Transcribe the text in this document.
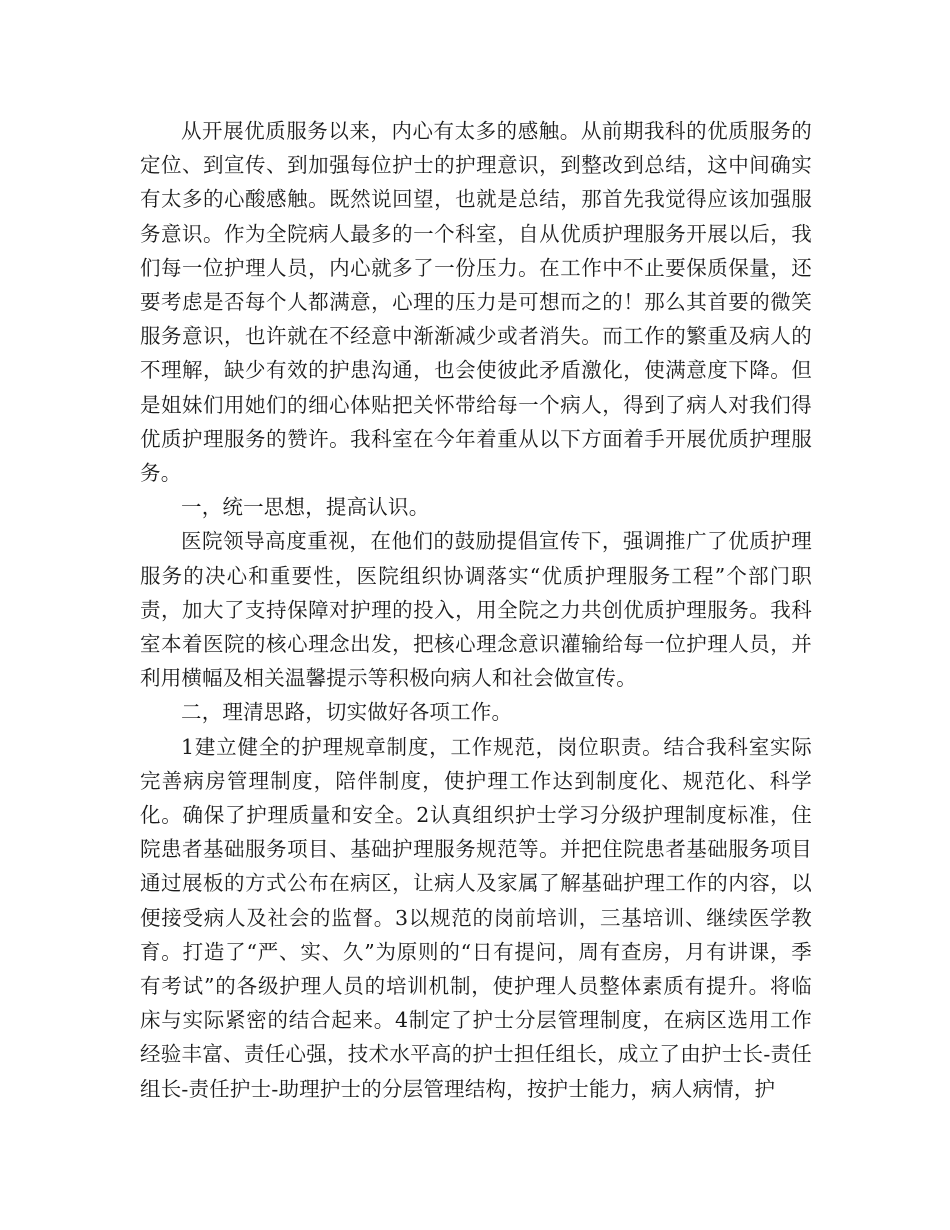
从开展优质服务以来，内心有太多的感触。从前期我科的优质服务的定位、到宣传、到加强每位护士的护理意识，到整改到总结，这中间确实有太多的心酸感触。既然说回望，也就是总结，那首先我觉得应该加强服务意识。作为全院病人最多的一个科室，自从优质护理服务开展以后，我们每一位护理人员，内心就多了一份压力。在工作中不止要保质保量，还要考虑是否每个人都满意，心理的压力是可想而之的！那么其首要的微笑服务意识，也许就在不经意中渐渐减少或者消失。而工作的繁重及病人的不理解，缺少有效的护患沟通，也会使彼此矛盾激化，使满意度下降。但是姐妹们用她们的细心体贴把关怀带给每一个病人，得到了病人对我们得优质护理服务的赞许。我科室在今年着重从以下方面着手开展优质护理服务。

一，统一思想，提高认识。

医院领导高度重视，在他们的鼓励提倡宣传下，强调推广了优质护理服务的决心和重要性，医院组织协调落实“优质护理服务工程”个部门职责，加大了支持保障对护理的投入，用全院之力共创优质护理服务。我科室本着医院的核心理念出发，把核心理念意识灌输给每一位护理人员，并利用横幅及相关温馨提示等积极向病人和社会做宣传。

二，理清思路，切实做好各项工作。

1建立健全的护理规章制度，工作规范，岗位职责。结合我科室实际完善病房管理制度，陪伴制度，使护理工作达到制度化、规范化、科学化。确保了护理质量和安全。2认真组织护士学习分级护理制度标准，住院患者基础服务项目、基础护理服务规范等。并把住院患者基础服务项目通过展板的方式公布在病区，让病人及家属了解基础护理工作的内容，以便接受病人及社会的监督。3以规范的岗前培训，三基培训、继续医学教育。打造了“严、实、久”为原则的“日有提问，周有查房，月有讲课，季有考试”的各级护理人员的培训机制，使护理人员整体素质有提升。将临床与实际紧密的结合起来。4制定了护士分层管理制度，在病区选用工作经验丰富、责任心强，技术水平高的护士担任组长，成立了由护士长-责任组长-责任护士-助理护士的分层管理结构，按护士能力，病人病情，护
